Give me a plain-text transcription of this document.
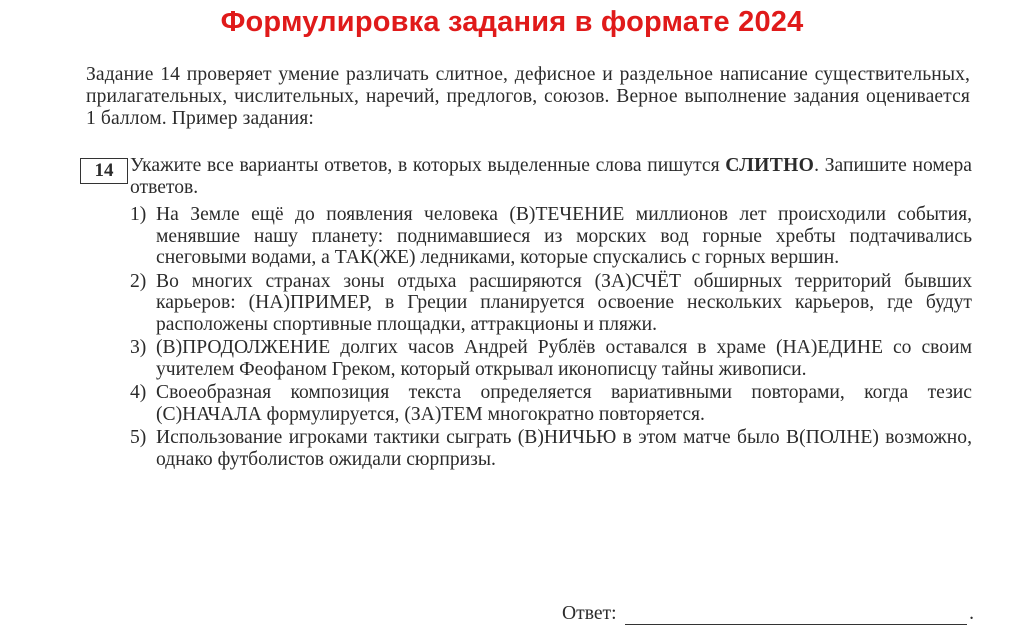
Формулировка задания в формате 2024

Задание 14 проверяет умение различать слитное, дефисное и раздельное написание существительных, прилагательных, числительных, наречий, предлогов, союзов. Верное выполнение задания оценивается 1 баллом. Пример задания:

14 Укажите все варианты ответов, в которых выделенные слова пишутся СЛИТНО. Запишите номера ответов.
1) На Земле ещё до появления человека (В)ТЕЧЕНИЕ миллионов лет происходили события, менявшие нашу планету: поднимавшиеся из морских вод горные хребты подтачивались снеговыми водами, а ТАК(ЖЕ) ледниками, которые спускались с горных вершин.
2) Во многих странах зоны отдыха расширяются (ЗА)СЧЁТ обширных территорий бывших карьеров: (НА)ПРИМЕР, в Греции планируется освоение нескольких карьеров, где будут расположены спортивные площадки, аттракционы и пляжи.
3) (В)ПРОДОЛЖЕНИЕ долгих часов Андрей Рублёв оставался в храме (НА)ЕДИНЕ со своим учителем Феофаном Греком, который открывал иконописцу тайны живописи.
4) Своеобразная композиция текста определяется вариативными повторами, когда тезис (С)НАЧАЛА формулируется, (ЗА)ТЕМ многократно повторяется.
5) Использование игроками тактики сыграть (В)НИЧЬЮ в этом матче было В(ПОЛНЕ) возможно, однако футболистов ожидали сюрпризы.
Ответ:	.
